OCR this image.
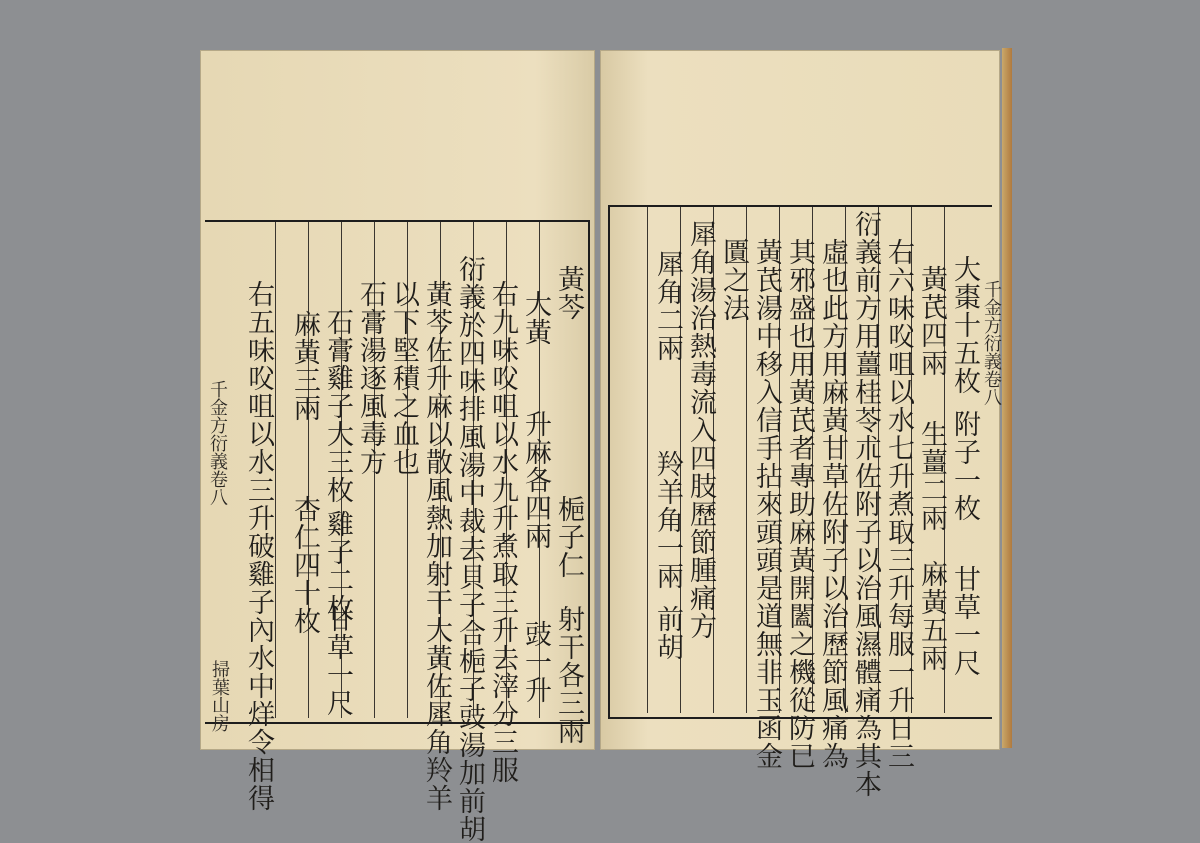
黃芩
大黃
升麻各四兩
右九味㕮咀以水九升煮取三升去滓分三服
衍義於四味排風湯中裁去貝子合梔子豉湯加前胡
黃芩佐升麻以散風熱加射干大黃佐犀角羚羊
以下堅積之血也
石膏湯逐風毒方
石膏雞子大三枚
麻黃三兩
右五味㕮咀以水三升破雞子內水中烊令相得	梔子仁
射干各三兩
豉一升
雞子二枚
甘草一尺
杏仁四十枚
千金方衍義卷八
掃葉山房
大棗十五枚
黃芪四兩
右六味㕮咀以水七升煮取三升每服一升日三
衍義前方用薑桂苓朮佐附子以治風濕體痛為其本
虛也此方用麻黃甘草佐附子以治歷節風痛為
其邪盛也用黃芪者專助麻黃開闔之機從防已
黃芪湯中移入信手拈來頭頭是道無非玉函金
匱之法
犀角湯治熱毒流入四肢歷節腫痛方
犀角二兩
附子一枚
甘草一尺
生薑二兩
麻黃五兩
羚羊角一兩
前胡
千金方衍義卷八
